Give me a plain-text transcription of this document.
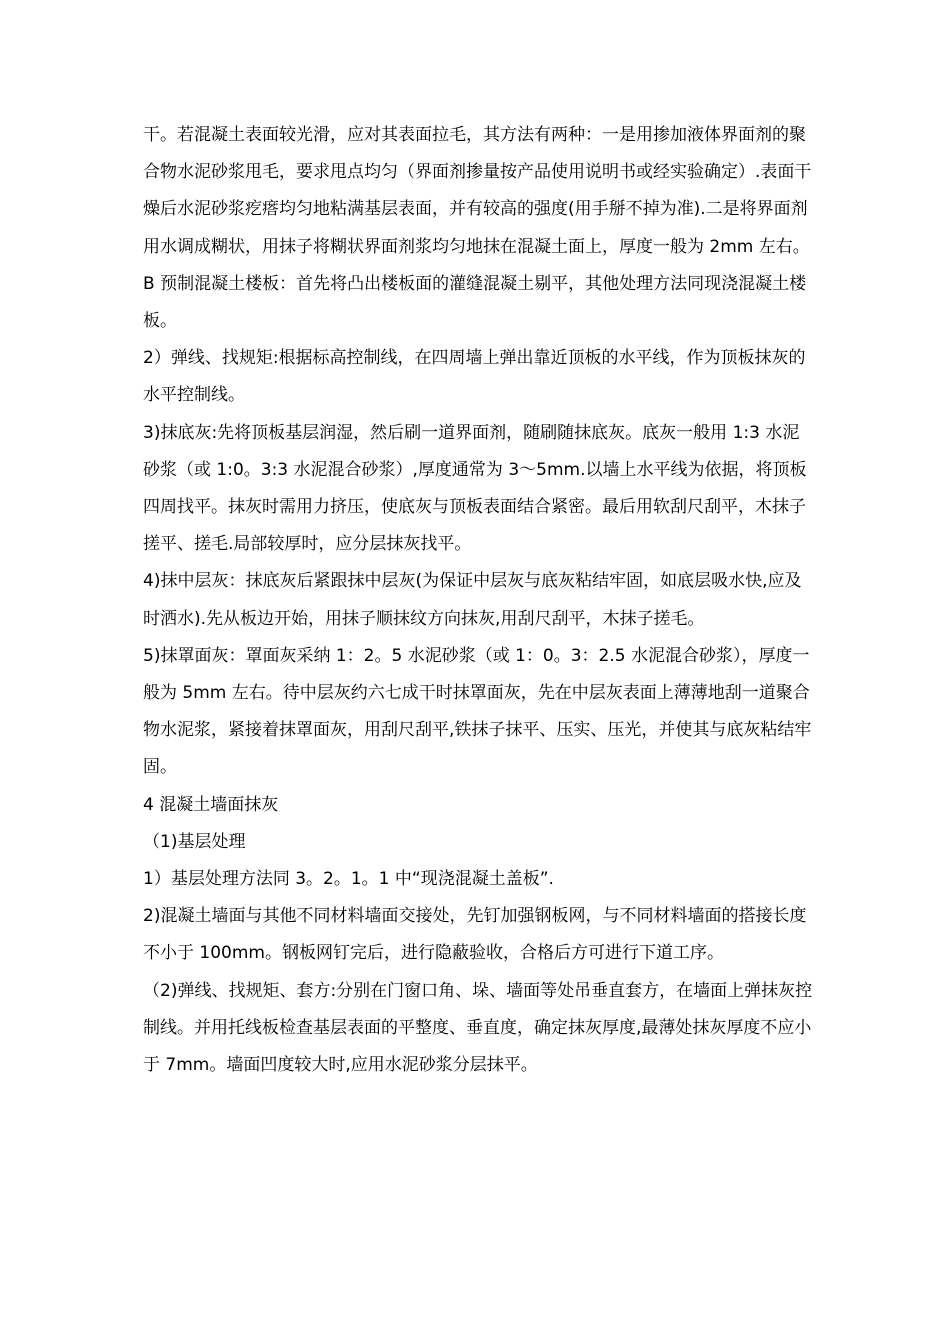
干。若混凝土表面较光滑，应对其表面拉毛，其方法有两种：一是用掺加液体界面剂的聚合物水泥砂浆甩毛，要求甩点均匀（界面剂掺量按产品使用说明书或经实验确定）.表面干燥后水泥砂浆疙瘩均匀地粘满基层表面，并有较高的强度(用手掰不掉为准).二是将界面剂用水调成糊状，用抹子将糊状界面剂浆均匀地抹在混凝土面上，厚度一般为 2mm 左右。

B 预制混凝土楼板：首先将凸出楼板面的灌缝混凝土剔平，其他处理方法同现浇混凝土楼板。

2）弹线、找规矩:根据标高控制线，在四周墙上弹出靠近顶板的水平线，作为顶板抹灰的水平控制线。

3)抹底灰:先将顶板基层润湿，然后刷一道界面剂，随刷随抹底灰。底灰一般用 1:3 水泥砂浆（或 1:0。3:3 水泥混合砂浆）,厚度通常为 3～5mm.以墙上水平线为依据，将顶板四周找平。抹灰时需用力挤压，使底灰与顶板表面结合紧密。最后用软刮尺刮平，木抹子搓平、搓毛.局部较厚时，应分层抹灰找平。

4)抹中层灰：抹底灰后紧跟抹中层灰(为保证中层灰与底灰粘结牢固，如底层吸水快,应及时洒水).先从板边开始，用抹子顺抹纹方向抹灰,用刮尺刮平，木抹子搓毛。

5)抹罩面灰：罩面灰采纳 1：2。5 水泥砂浆（或 1：0。3：2.5 水泥混合砂浆），厚度一般为 5mm 左右。待中层灰约六七成干时抹罩面灰，先在中层灰表面上薄薄地刮一道聚合物水泥浆，紧接着抹罩面灰，用刮尺刮平,铁抹子抹平、压实、压光，并使其与底灰粘结牢固。

4 混凝土墙面抹灰

（1)基层处理

1）基层处理方法同 3。2。1。1 中“现浇混凝土盖板”.

2)混凝土墙面与其他不同材料墙面交接处，先钉加强钢板网，与不同材料墙面的搭接长度不小于 100mm。钢板网钉完后，进行隐蔽验收，合格后方可进行下道工序。

（2)弹线、找规矩、套方:分别在门窗口角、垛、墙面等处吊垂直套方，在墙面上弹抹灰控制线。并用托线板检查基层表面的平整度、垂直度，确定抹灰厚度,最薄处抹灰厚度不应小于 7mm。墙面凹度较大时,应用水泥砂浆分层抹平。
